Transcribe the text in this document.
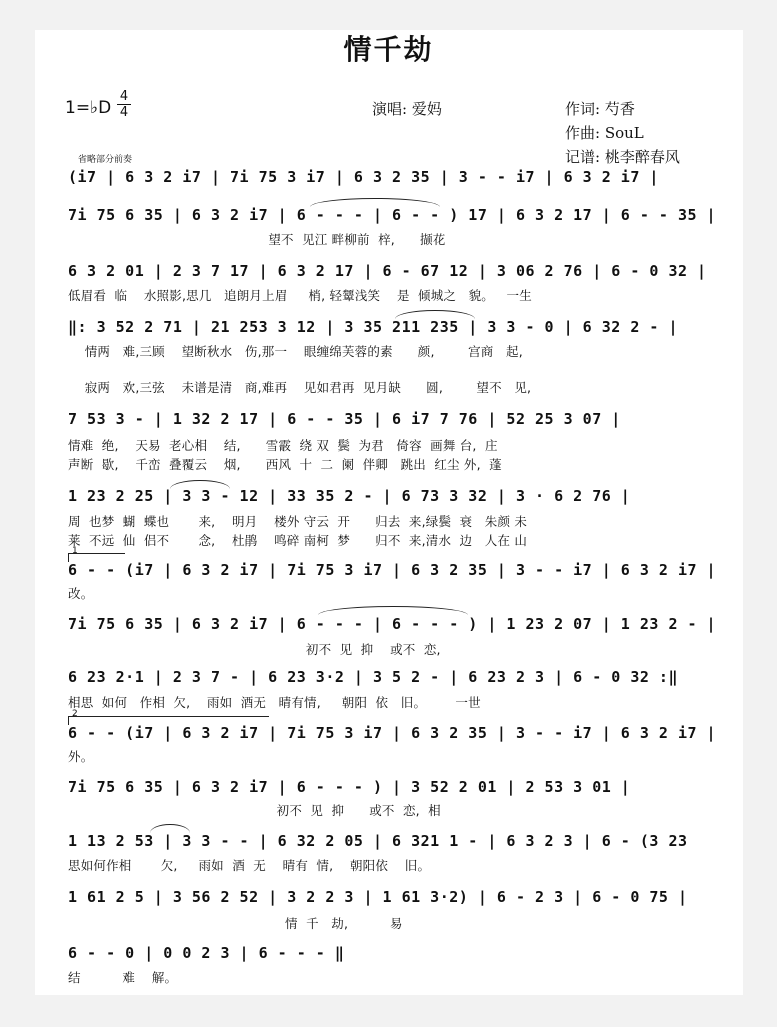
情千劫
1=♭D
4
4	演唱: 爱妈	作词: 芍香
作曲: SouL
记谱: 桃李醉春风
省略部分前奏
(i7 | 6 3 2 i7 | 7i 75 3 i7 | 6 3 2 35 | 3 - - i7 | 6 3 2 i7 |
7i 75 6 35 | 6 3 2 i7 | 6 - - - | 6 - - ) 17 | 6 3 2 17 | 6 - - 35 |
望不  见江 畔柳前  梓,      撷花
6 3 2 01 | 2 3 7 17 | 6 3 2 17 | 6 - 67 12 | 3 06 2 76 | 6 - 0 32 |
低眉看  临    水照影,思几   追朗月上眉     梢, 轻颦浅笑    是  倾城之   貌。   一生
‖: 3 52 2 71 | 21 253 3 12 | 3 35 211 235 | 3 3 - 0 | 6 32 2 - |
情两   难,三顾    望断秋水   伤,那一    眼缠绵芙蓉的素      颜,        宫商   起,
寂两   欢,三弦    未谱是清   商,难再    见如君再  见月缺      圆,        望不   见,
7 53 3 - | 1 32 2 17 | 6 - - 35 | 6 i7 7 76 | 52 25 3 07 |
情难  绝,    天易  老心相    结,      雪霰  绕 双  鬓  为君   倚容  画舞 台,  庄
声断  歇,    千峦  叠覆云    烟,      西风  十  二  阑  伴卿   跳出  红尘 外,  蓬
1 23 2 25 | 3 3 - 12 | 33 35 2 - | 6 73 3 32 | 3 · 6 2 76 |
周  也梦  蝴  蝶也       来,    明月    楼外 守云  开      归去  来,绿鬓  衰   朱颜 未
莱  不远  仙  侣不       念,    杜鹃    鸣碎 南柯  梦      归不  来,清水  边   人在 山
1
6 - - (i7 | 6 3 2 i7 | 7i 75 3 i7 | 6 3 2 35 | 3 - - i7 | 6 3 2 i7 |
改。
7i 75 6 35 | 6 3 2 i7 | 6 - - - | 6 - - - ) | 1 23 2 07 | 1 23 2 - |
初不  见  抑    或不  恋,
6 23 2·1 | 2 3 7 - | 6 23 3·2 | 3 5 2 - | 6 23 2 3 | 6 - 0 32 :‖
相思  如何   作相  欠,    雨如  酒无   晴有情,     朝阳  依   旧。       一世
2
6 - - (i7 | 6 3 2 i7 | 7i 75 3 i7 | 6 3 2 35 | 3 - - i7 | 6 3 2 i7 |
外。
7i 75 6 35 | 6 3 2 i7 | 6 - - - ) | 3 52 2 01 | 2 53 3 01 |
初不  见  抑      或不  恋,  相
1 13 2 53 | 3 3 - - | 6 32 2 05 | 6 321 1 - | 6 3 2 3 | 6 - (3 23
思如何作相       欠,     雨如  酒  无    晴有  情,    朝阳依    旧。
1 61 2 5 | 3 56 2 52 | 3 2 2 3 | 1 61 3·2) | 6 - 2 3 | 6 - 0 75 |
情  千   劫,          易
6 - - 0 | 0 0 2 3 | 6 - - - ‖
结          难    解。
